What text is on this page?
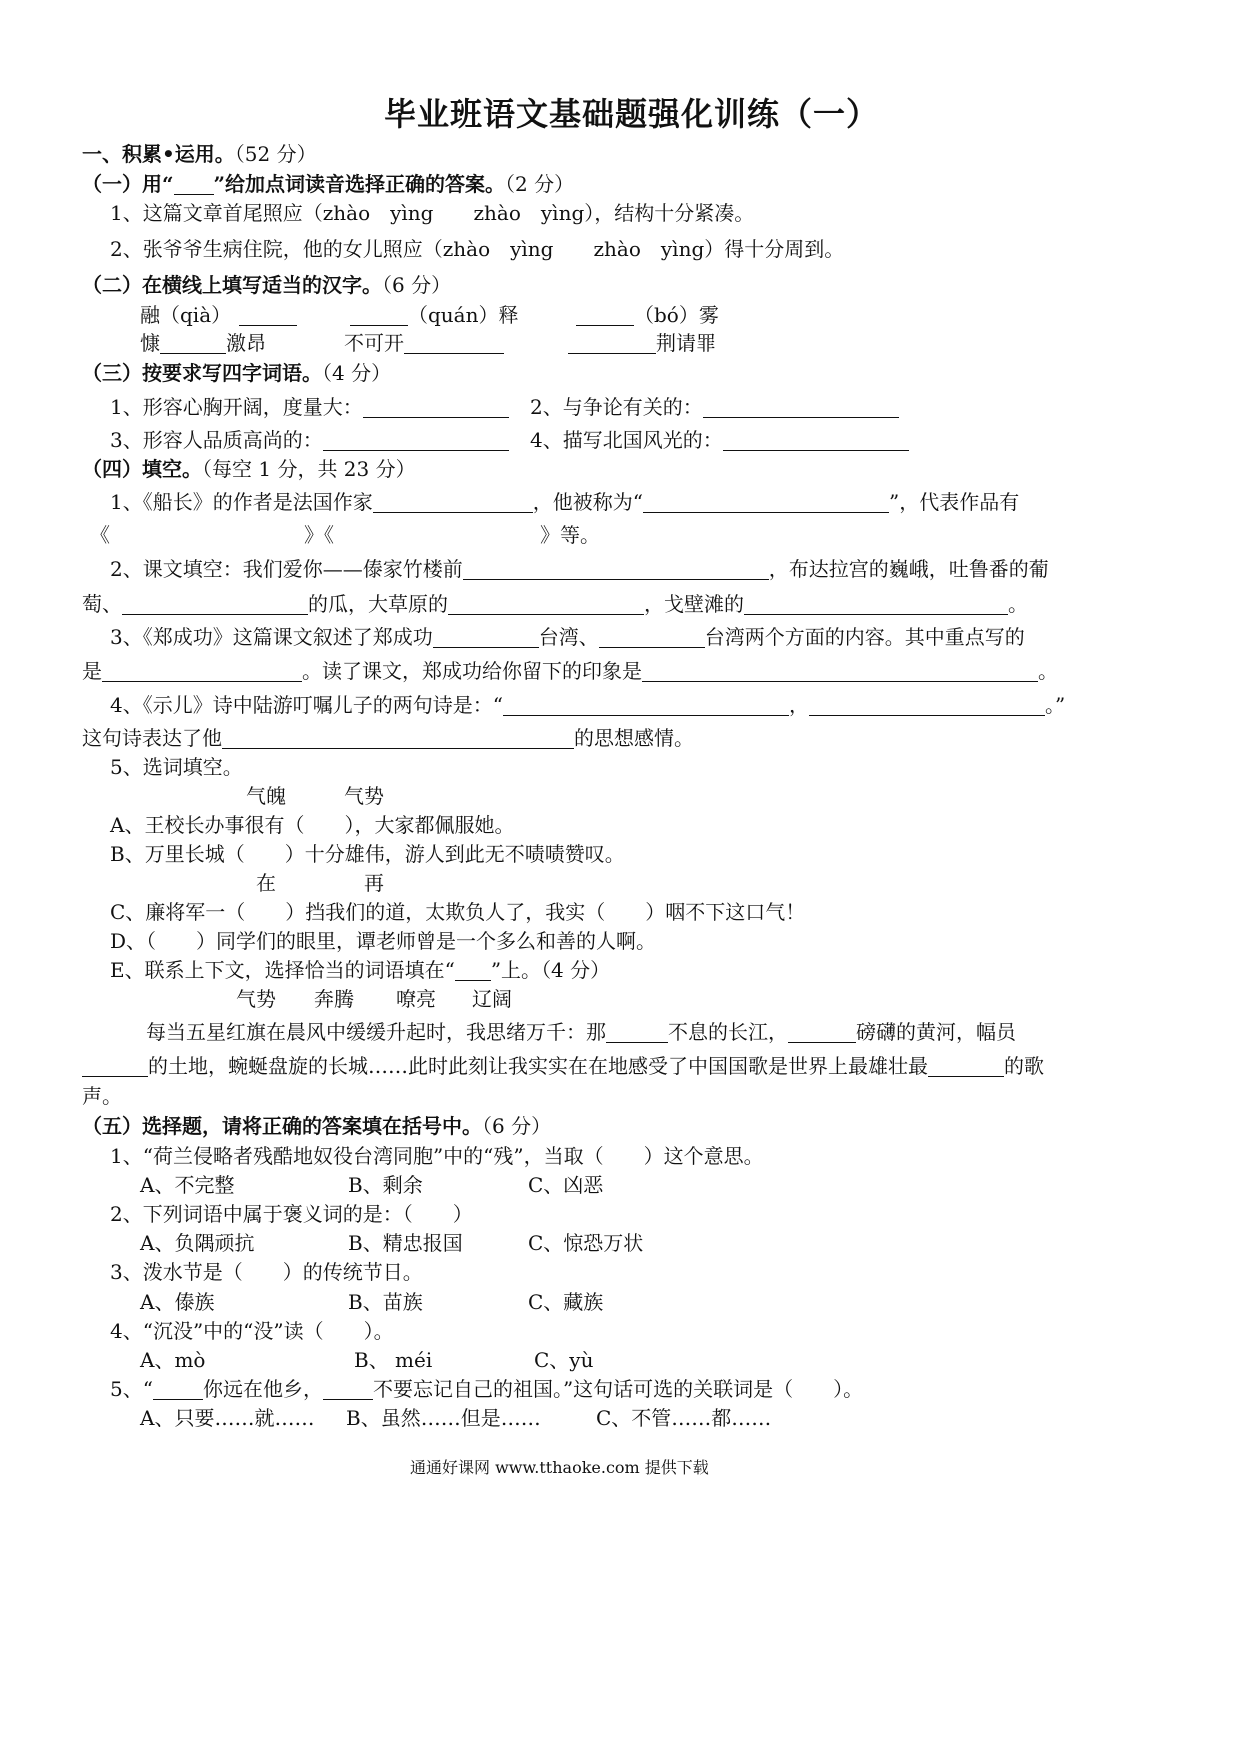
毕业班语文基础题强化训练（一）
一、积累•运用。（52 分）
（一）用“ ”给加点词读音选择正确的答案。（2 分）
1、这篇文章首尾照应（zhào　yìng　　zhào　yìng），结构十分紧凑。
2、张爷爷生病住院，他的女儿照应（zhào　yìng　　zhào　yìng）得十分周到。
（二）在横线上填写适当的汉字。（6 分）
融（qià）	（quán）释	（bó）雾
慷	激昂	不可开	荆请罪
（三）按要求写四字词语。（4 分）
1、形容心胸开阔，度量大：	2、与争论有关的：
3、形容人品质高尚的：	4、描写北国风光的：
（四）填空。（每空 1 分，共 23 分）
1、《船长》的作者是法国作家	，他被称为“	”，代表作品有
《	》《	》等。
2、课文填空：我们爱你——傣家竹楼前	，布达拉宫的巍峨，吐鲁番的葡
萄、	的瓜，大草原的	，戈壁滩的	。
3、《郑成功》这篇课文叙述了郑成功	台湾、	台湾两个方面的内容。其中重点写的
是	。读了课文，郑成功给你留下的印象是	。
4、《示儿》诗中陆游叮嘱儿子的两句诗是：“	，	。”
这句诗表达了他	的思想感情。
5、选词填空。
气魄	气势
A、王校长办事很有（　　），大家都佩服她。
B、万里长城（　　）十分雄伟，游人到此无不啧啧赞叹。
在	再
C、廉将军一（　　）挡我们的道，太欺负人了，我实（　　）咽不下这口气！
D、（　　）同学们的眼里，谭老师曾是一个多么和善的人啊。
E、联系上下文，选择恰当的词语填在“ ”上。（4 分）
气势 奔腾 嘹亮 辽阔
每当五星红旗在晨风中缓缓升起时，我思绪万千：那	不息的长江，	磅礴的黄河，幅员
的土地，蜿蜒盘旋的长城……此时此刻让我实实在在地感受了中国国歌是世界上最雄壮最	的歌
声。
（五）选择题，请将正确的答案填在括号中。（6 分）
1、“荷兰侵略者残酷地奴役台湾同胞”中的“残”，当取（　　）这个意思。
A、不完整	B、剩余	C、凶恶
2、下列词语中属于褒义词的是：（　　）
A、负隅顽抗	B、精忠报国	C、惊恐万状
3、泼水节是（　　）的传统节日。
A、傣族	B、苗族	C、藏族
4、“沉没”中的“没”读（　　）。
A、mò	B、 méi	C、yù
5、“	你远在他乡，	不要忘记自己的祖国。”这句话可选的关联词是（　　）。
A、只要……就…… B、虽然……但是……	C、不管……都……
通通好课网 www.tthaoke.com 提供下载
